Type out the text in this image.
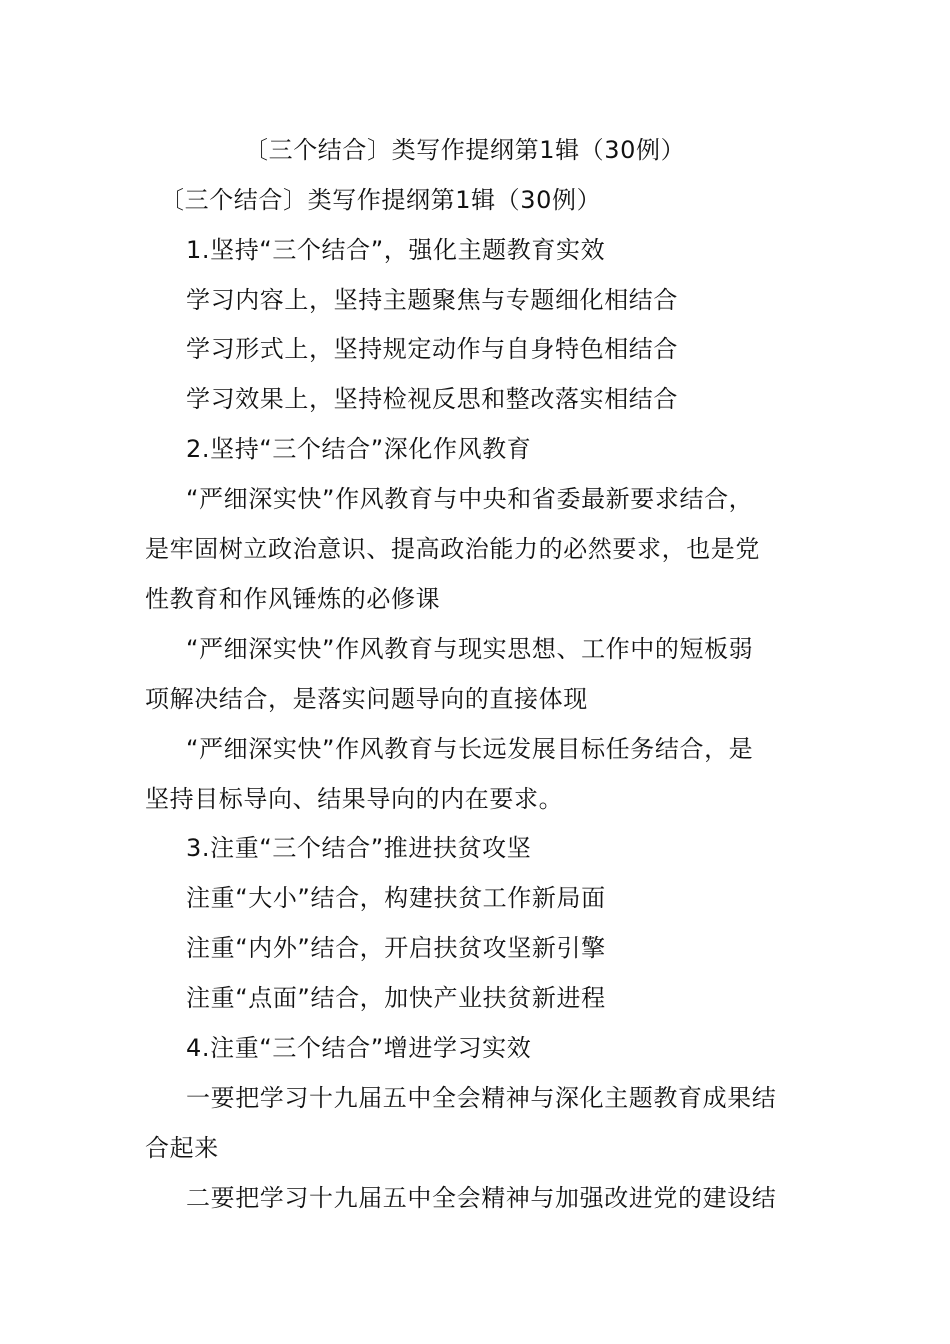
〔三个结合〕类写作提纲第1辑（30例）
〔三个结合〕类写作提纲第1辑（30例）
1.坚持“三个结合”，强化主题教育实效
学习内容上，坚持主题聚焦与专题细化相结合
学习形式上，坚持规定动作与自身特色相结合
学习效果上，坚持检视反思和整改落实相结合
2.坚持“三个结合”深化作风教育
“严细深实快”作风教育与中央和省委最新要求结合，
是牢固树立政治意识、提高政治能力的必然要求，也是党
性教育和作风锤炼的必修课
“严细深实快”作风教育与现实思想、工作中的短板弱
项解决结合，是落实问题导向的直接体现
“严细深实快”作风教育与长远发展目标任务结合，是
坚持目标导向、结果导向的内在要求。
3.注重“三个结合”推进扶贫攻坚
注重“大小”结合，构建扶贫工作新局面
注重“内外”结合，开启扶贫攻坚新引擎
注重“点面”结合，加快产业扶贫新进程
4.注重“三个结合”增进学习实效
一要把学习十九届五中全会精神与深化主题教育成果结
合起来
二要把学习十九届五中全会精神与加强改进党的建设结
